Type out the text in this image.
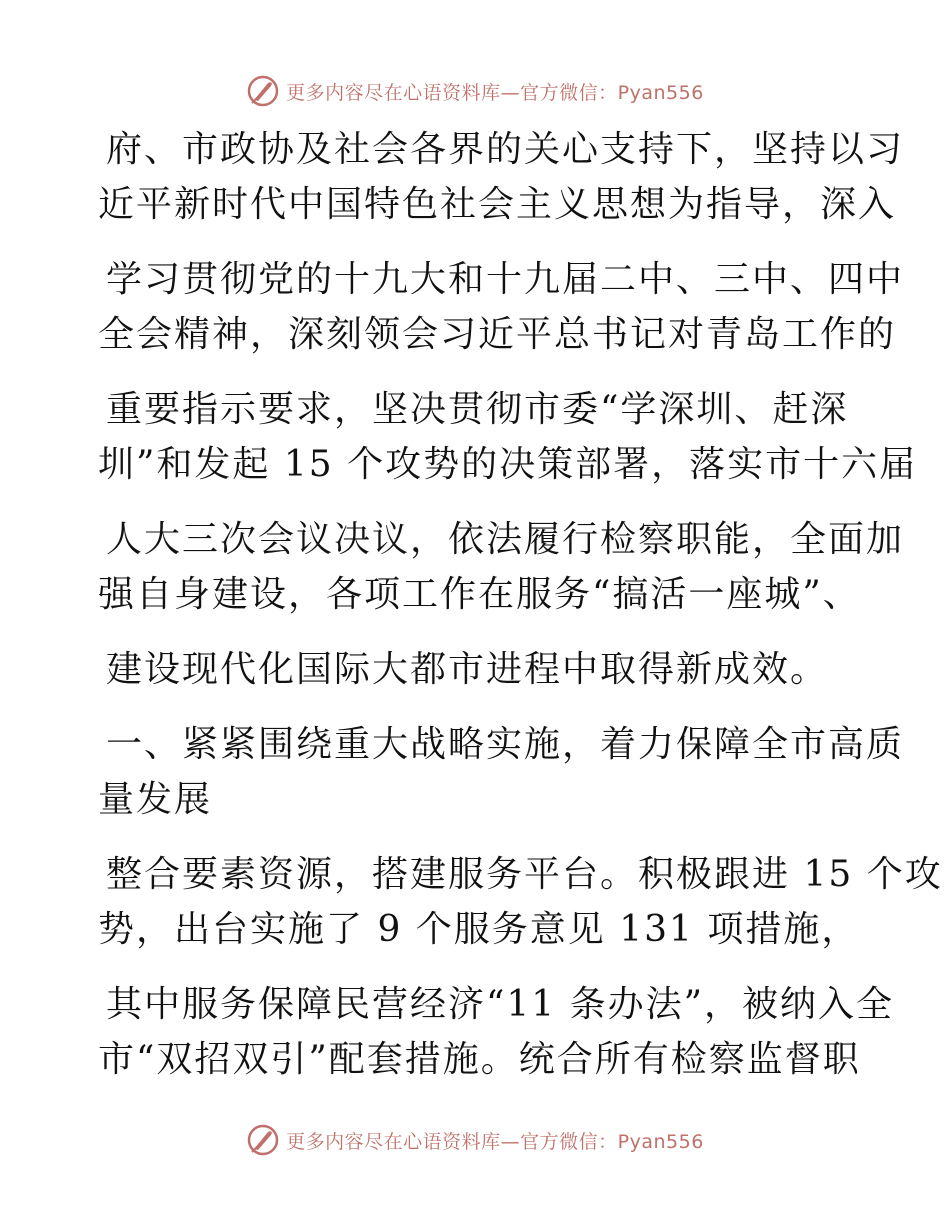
更多内容尽在心语资料库—官方微信：Pyan556
府、市政协及社会各界的关心支持下，坚持以习
近平新时代中国特色社会主义思想为指导，深入
学习贯彻党的十九大和十九届二中、三中、四中
全会精神，深刻领会习近平总书记对青岛工作的
重要指示要求，坚决贯彻市委“学深圳、赶深
圳”和发起 15 个攻势的决策部署，落实市十六届
人大三次会议决议，依法履行检察职能，全面加
强自身建设，各项工作在服务“搞活一座城”、
建设现代化国际大都市进程中取得新成效。
一、紧紧围绕重大战略实施，着力保障全市高质
量发展
整合要素资源，搭建服务平台。积极跟进 15 个攻
势，出台实施了 9 个服务意见 131 项措施，
其中服务保障民营经济“11 条办法”，被纳入全
市“双招双引”配套措施。统合所有检察监督职
更多内容尽在心语资料库—官方微信：Pyan556
